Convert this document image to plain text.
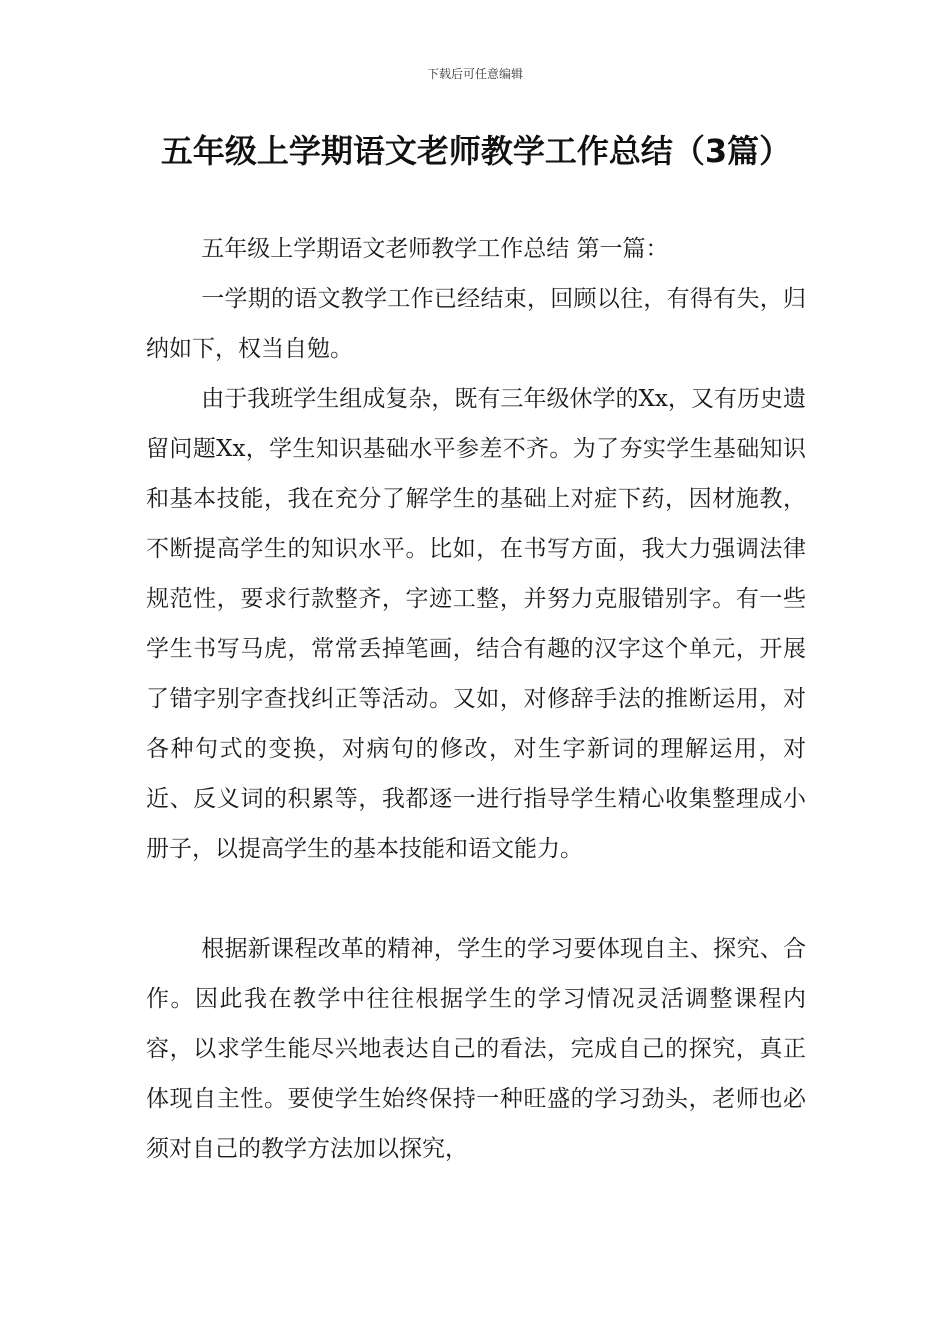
下载后可任意编辑
五年级上学期语文老师教学工作总结（3篇）

五年级上学期语文老师教学工作总结 第一篇：

一学期的语文教学工作已经结束，回顾以往，有得有失，归纳如下，权当自勉。

由于我班学生组成复杂，既有三年级休学的Xx，又有历史遗留问题Xx，学生知识基础水平参差不齐。为了夯实学生基础知识和基本技能，我在充分了解学生的基础上对症下药，因材施教，不断提高学生的知识水平。比如，在书写方面，我大力强调法律规范性，要求行款整齐，字迹工整，并努力克服错别字。有一些学生书写马虎，常常丢掉笔画，结合有趣的汉字这个单元，开展了错字别字查找纠正等活动。又如，对修辞手法的推断运用，对各种句式的变换，对病句的修改，对生字新词的理解运用，对近、反义词的积累等，我都逐一进行指导学生精心收集整理成小册子，以提高学生的基本技能和语文能力。

根据新课程改革的精神，学生的学习要体现自主、探究、合作。因此我在教学中往往根据学生的学习情况灵活调整课程内容，以求学生能尽兴地表达自己的看法，完成自己的探究，真正体现自主性。要使学生始终保持一种旺盛的学习劲头，老师也必须对自己的教学方法加以探究，
